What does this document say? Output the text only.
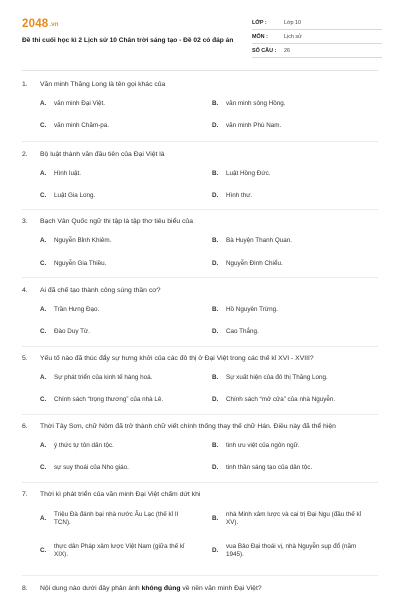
2048.vn
Đề thi cuối học kì 2 Lịch sử 10 Chân trời sáng tạo - Đề 02 có đáp án
LỚP :	Lớp 10
MÔN :	Lịch sử
SỐ CÂU :	26
1. Văn minh Thăng Long là tên gọi khác của
A.	văn minh Đại Việt.	B.	văn minh sông Hồng.
C.	văn minh Chăm-pa.	D.	văn minh Phù Nam.
2. Bộ luật thành văn đầu tiên của Đại Việt là
A.	Hình luật.	B.	Luật Hồng Đức.
C.	Luật Gia Long.	D.	Hình thư.
3. Bạch Vân Quốc ngữ thi tập là tập thơ tiêu biểu của
A.	Nguyễn Bỉnh Khiêm.	B.	Bà Huyện Thanh Quan.
C.	Nguyễn Gia Thiều.	D.	Nguyễn Đình Chiểu.
4. Ai đã chế tạo thành công súng thần cơ?
A.	Trần Hưng Đạo.	B.	Hồ Nguyên Trừng.
C.	Đào Duy Từ.	D.	Cao Thắng.
5. Yếu tố nào đã thúc đẩy sự hưng khởi của các đô thị ở Đại Việt trong các thế kỉ XVI - XVIII?
A.	Sự phát triển của kinh tế hàng hoá.	B.	Sự xuất hiện của đô thị Thăng Long.
C.	Chính sách “trọng thương” của nhà Lê.	D.	Chính sách “mở cửa” của nhà Nguyễn.
6. Thời Tây Sơn, chữ Nôm đã trở thành chữ viết chính thống thay thế chữ Hán. Điều này đã thể hiện
A.	ý thức tự tôn dân tộc.	B.	tinh ưu việt của ngôn ngữ.
C.	sự suy thoái của Nho giáo.	D.	tinh thần sáng tạo của dân tộc.
7. Thời kì phát triển của văn minh Đại Việt chấm dứt khi
A.
Triệu Đà đánh bại nhà nước Âu Lạc (thế kỉ II TCN).
B.
nhà Minh xâm lược và cai trị Đại Ngu (đầu thế kỉ XV).
C.
thực dân Pháp xâm lược Việt Nam (giữa thế kỉ XIX).
D.
vua Bảo Đại thoái vị, nhà Nguyễn sụp đổ (năm 1945).
8. Nội dung nào dưới đây phản ánh không đúng về nền văn minh Đại Việt?
